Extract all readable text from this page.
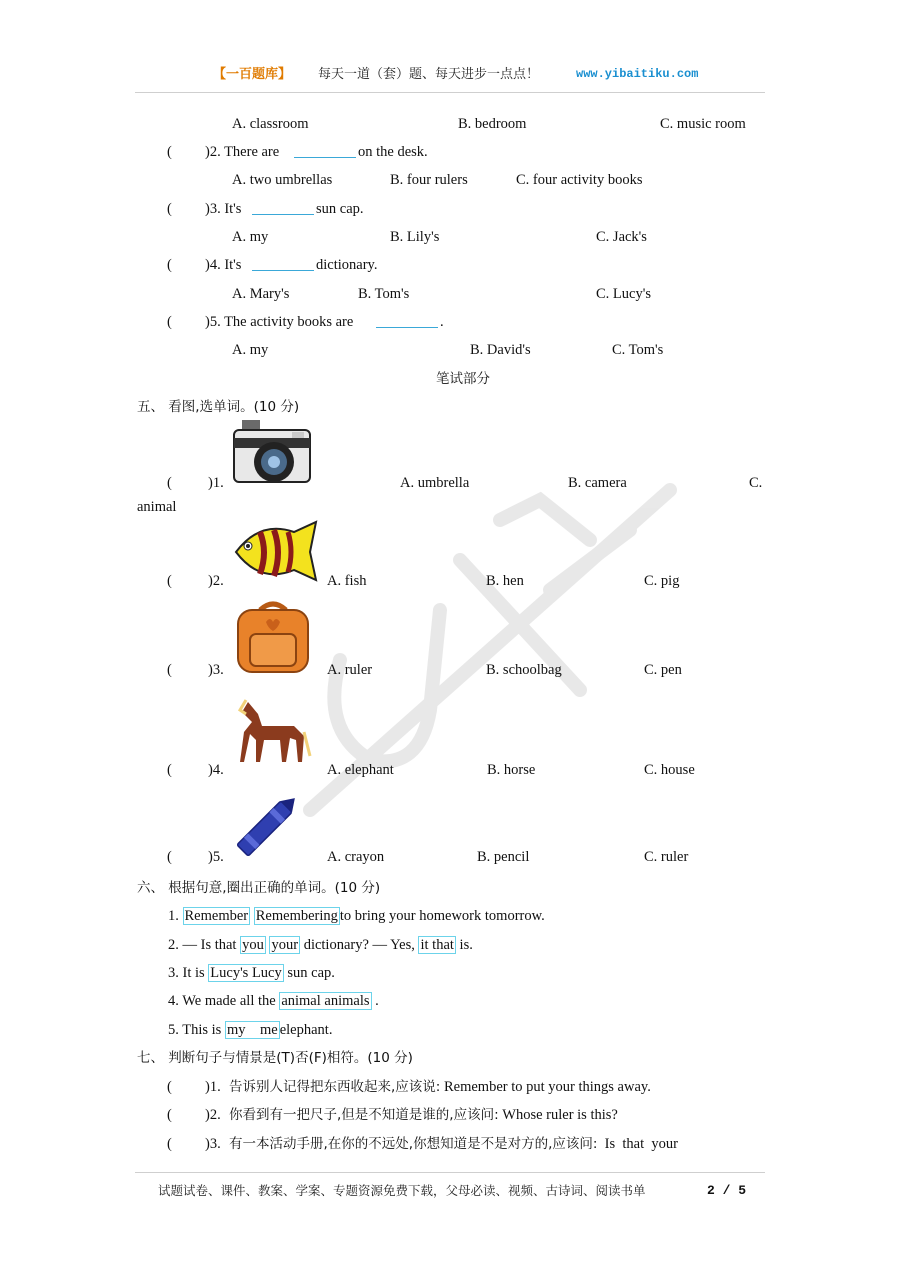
【一百题库】 每天一道（套）题、每天进步一点点！	www.yibaitiku.com
A. classroom	B. bedroom	C. music room
( )2. There are	on the desk.
A. two umbrellas	B. four rulers	C. four activity books
( )3. It's	sun cap.
A. my	B. Lily's	C. Jack's
( )4. It's	dictionary.
A. Mary's	B. Tom's	C. Lucy's
( )5. The activity books are	.
A. my	B. David's	C. Tom's
笔试部分
五、 看图,选单词。(10 分)
( )1.	A. umbrella	B. camera	C.
animal
( )2.	A. fish	B. hen	C. pig
( )3.	A. ruler	B. schoolbag	C. pen
( )4.	A. elephant	B. horse	C. house
( )5.	A. crayon	B. pencil	C. ruler
六、 根据句意,圈出正确的单词。(10 分)
1. Remember Remembering to bring your homework tomorrow.
2. ― Is that you your dictionary? ― Yes, it that is.
3. It is Lucy's Lucy sun cap.
4. We made all the animal animals .
5. This is my    me elephant.
七、 判断句子与情景是(T)否(F)相符。(10 分)
( )1. 告诉别人记得把东西收起来,应该说: Remember to put your things away.
( )2. 你看到有一把尺子,但是不知道是谁的,应该问: Whose ruler is this?
( )3. 有一本活动手册,在你的不远处,你想知道是不是对方的,应该问:  Is  that  your
试题试卷、课件、教案、学案、专题资源免费下载，父母必读、视频、古诗词、阅读书单	2 / 5
